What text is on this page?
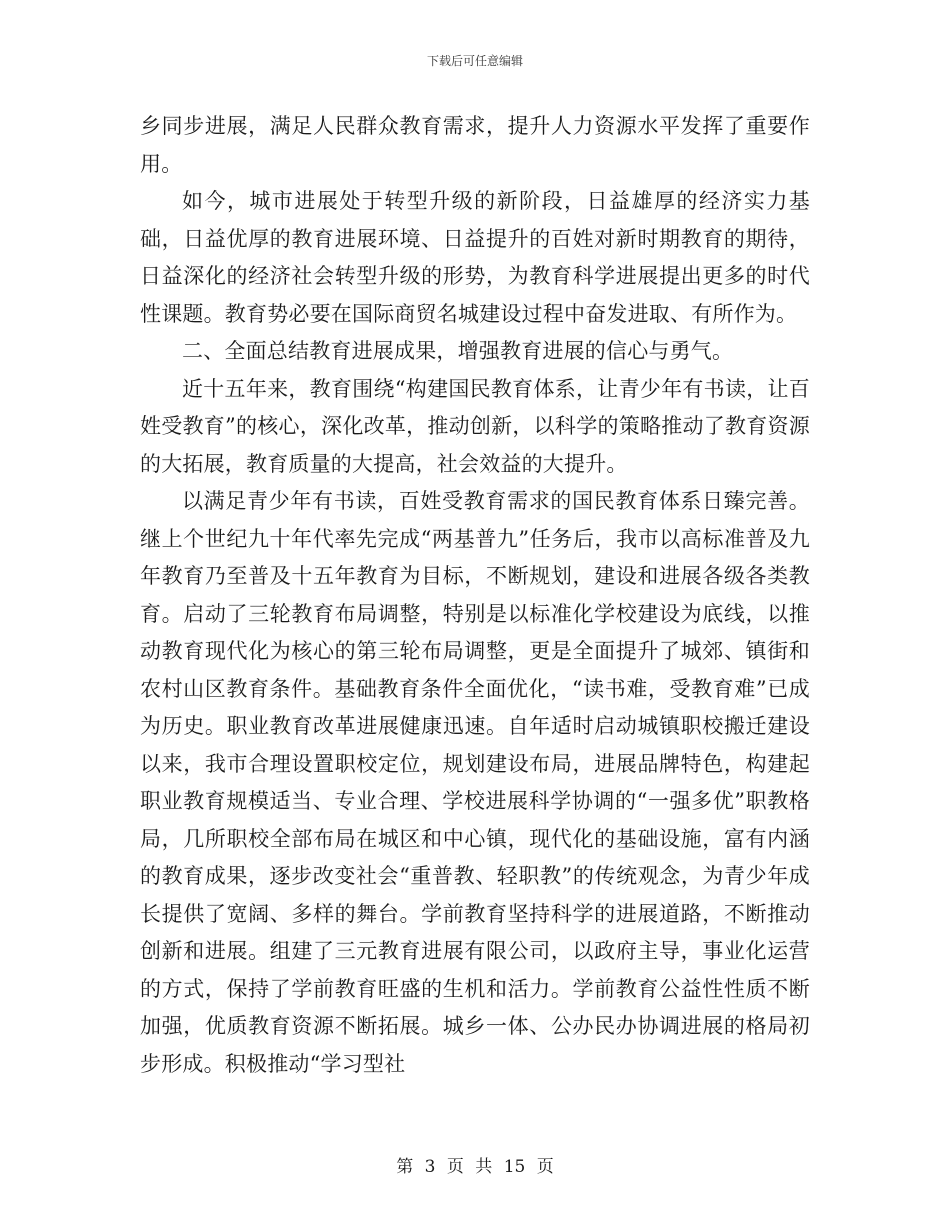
下载后可任意编辑

乡同步进展，满足人民群众教育需求，提升人力资源水平发挥了重要作用。

如今，城市进展处于转型升级的新阶段，日益雄厚的经济实力基础，日益优厚的教育进展环境、日益提升的百姓对新时期教育的期待，日益深化的经济社会转型升级的形势，为教育科学进展提出更多的时代性课题。教育势必要在国际商贸名城建设过程中奋发进取、有所作为。

二、全面总结教育进展成果，增强教育进展的信心与勇气。

近十五年来，教育围绕“构建国民教育体系，让青少年有书读，让百姓受教育”的核心，深化改革，推动创新，以科学的策略推动了教育资源的大拓展，教育质量的大提高，社会效益的大提升。

以满足青少年有书读，百姓受教育需求的国民教育体系日臻完善。继上个世纪九十年代率先完成“两基普九”任务后，我市以高标准普及九年教育乃至普及十五年教育为目标，不断规划，建设和进展各级各类教育。启动了三轮教育布局调整，特别是以标准化学校建设为底线，以推动教育现代化为核心的第三轮布局调整，更是全面提升了城郊、镇街和农村山区教育条件。基础教育条件全面优化，“读书难，受教育难”已成为历史。职业教育改革进展健康迅速。自年适时启动城镇职校搬迁建设以来，我市合理设置职校定位，规划建设布局，进展品牌特色，构建起职业教育规模适当、专业合理、学校进展科学协调的“一强多优”职教格局，几所职校全部布局在城区和中心镇，现代化的基础设施，富有内涵的教育成果，逐步改变社会“重普教、轻职教”的传统观念，为青少年成长提供了宽阔、多样的舞台。学前教育坚持科学的进展道路，不断推动创新和进展。组建了三元教育进展有限公司，以政府主导，事业化运营的方式，保持了学前教育旺盛的生机和活力。学前教育公益性性质不断加强，优质教育资源不断拓展。城乡一体、公办民办协调进展的格局初步形成。积极推动“学习型社

第 3 页 共 15 页
